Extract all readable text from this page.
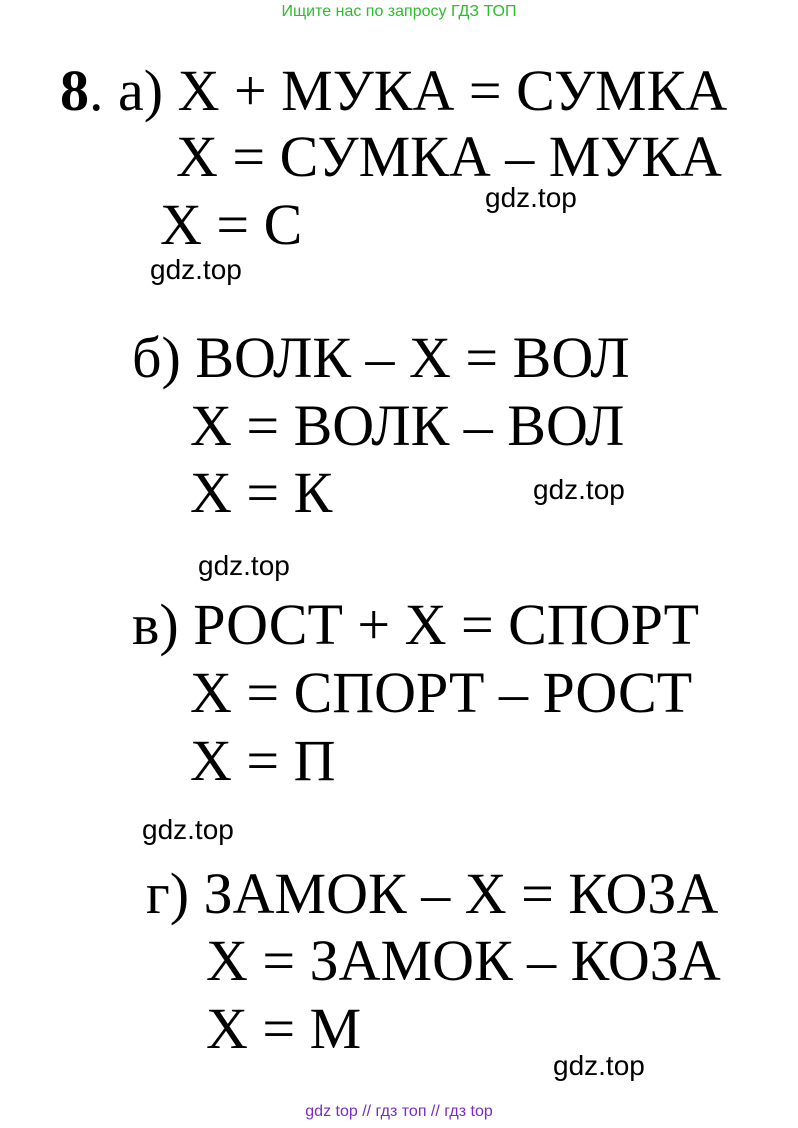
Ищите нас по запросу ГДЗ ТОП
8. а) X + МУКА = СУМКА
X = СУМКА – МУКА
X = С
б) ВОЛК – X = ВОЛ
X = ВОЛК – ВОЛ
X = К
в) РОСТ + X = СПОРТ
X = СПОРТ – РОСТ
X = П
г) ЗАМОК – X = КОЗА
X = ЗАМОК – КОЗА
X = М
gdz.top
gdz.top
gdz.top
gdz.top
gdz.top
gdz.top
gdz top // гдз топ // гдз top
